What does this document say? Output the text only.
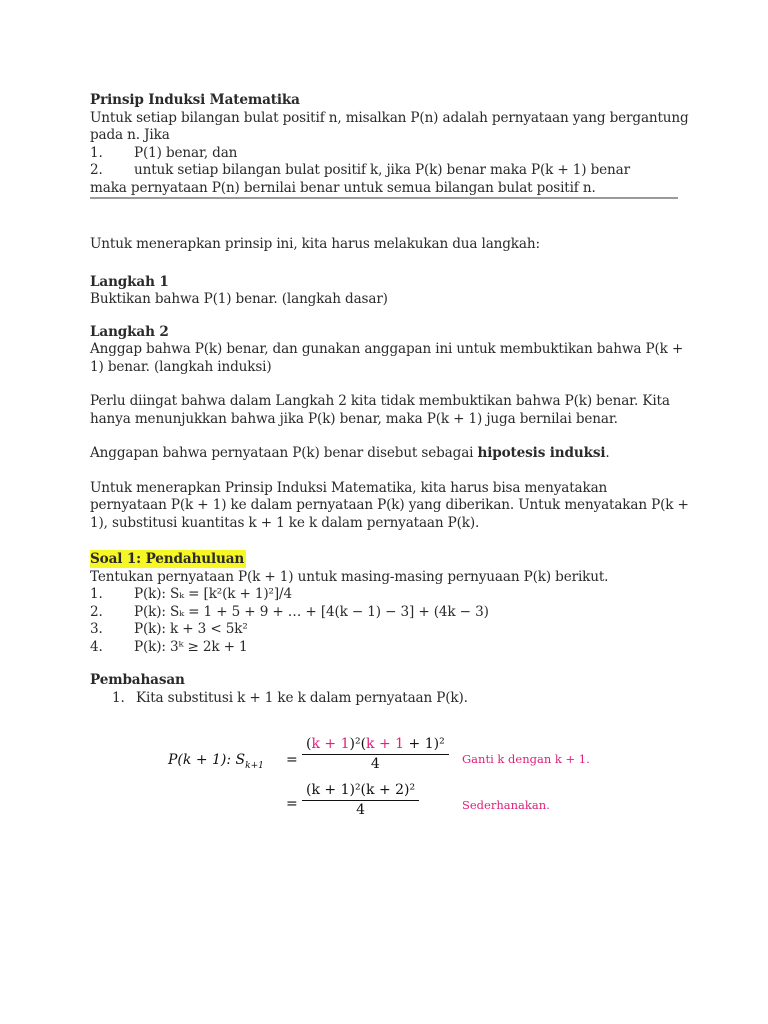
Prinsip Induksi Matematika
Untuk setiap bilangan bulat positif n, misalkan P(n) adalah pernyataan yang bergantung
pada n. Jika
1.	P(1) benar, dan
2.	untuk setiap bilangan bulat positif k, jika P(k) benar maka P(k + 1) benar
maka pernyataan P(n) bernilai benar untuk semua bilangan bulat positif n.
Untuk menerapkan prinsip ini, kita harus melakukan dua langkah:
Langkah 1
Buktikan bahwa P(1) benar. (langkah dasar)
Langkah 2
Anggap bahwa P(k) benar, dan gunakan anggapan ini untuk membuktikan bahwa P(k +
1) benar. (langkah induksi)
Perlu diingat bahwa dalam Langkah 2 kita tidak membuktikan bahwa P(k) benar. Kita
hanya menunjukkan bahwa jika P(k) benar, maka P(k + 1) juga bernilai benar.
Anggapan bahwa pernyataan P(k) benar disebut sebagai hipotesis induksi.
Untuk menerapkan Prinsip Induksi Matematika, kita harus bisa menyatakan
pernyataan P(k + 1) ke dalam pernyataan P(k) yang diberikan. Untuk menyatakan P(k +
1), substitusi kuantitas k + 1 ke k dalam pernyataan P(k).
Soal 1: Pendahuluan
Tentukan pernyataan P(k + 1) untuk masing-masing pernyuaan P(k) berikut.
1.	P(k): Sₖ = [k²(k + 1)²]/4
2.	P(k): Sₖ = 1 + 5 + 9 + … + [4(k − 1) − 3] + (4k − 3)
3.	P(k): k + 3 < 5k²
4.	P(k): 3ᵏ ≥ 2k + 1
Pembahasan
1. Kita substitusi k + 1 ke k dalam pernyataan P(k).
P(k + 1): $S_{k+1}$ =
(k + 1)²(k + 1 + 1)²
4	Ganti k dengan k + 1.
=
(k + 1)²(k + 2)²
4	Sederhanakan.
